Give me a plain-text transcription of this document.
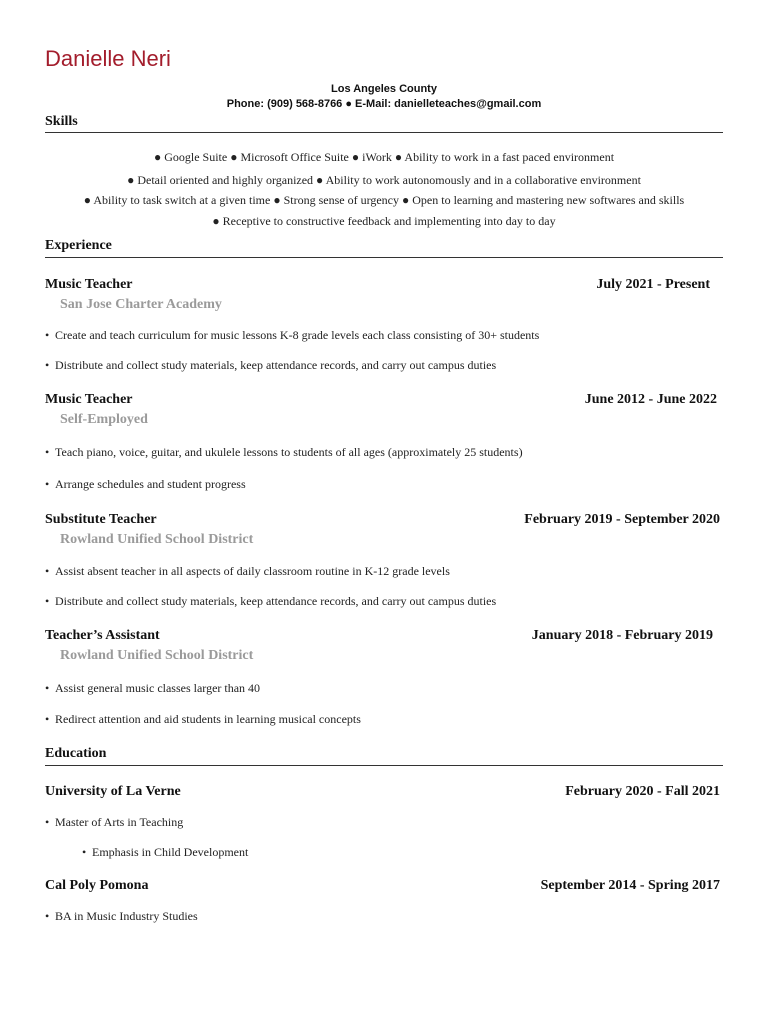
Danielle Neri
Los Angeles County
Phone: (909) 568-8766 ● E-Mail: danielleteaches@gmail.com
Skills
● Google Suite ● Microsoft Office Suite ● iWork ● Ability to work in a fast paced environment
● Detail oriented and highly organized ● Ability to work autonomously and in a collaborative environment
● Ability to task switch at a given time ● Strong sense of urgency ● Open to learning and mastering new softwares and skills
● Receptive to constructive feedback and implementing into day to day
Experience
Music Teacher	July 2021 - Present
San Jose Charter Academy
• Create and teach curriculum for music lessons K-8 grade levels each class consisting of 30+ students
• Distribute and collect study materials, keep attendance records, and carry out campus duties
Music Teacher	June 2012 - June 2022
Self-Employed
• Teach piano, voice, guitar, and ukulele lessons to students of all ages (approximately 25 students)
• Arrange schedules and student progress
Substitute Teacher	February 2019 - September 2020
Rowland Unified School District
• Assist absent teacher in all aspects of daily classroom routine in K-12 grade levels
• Distribute and collect study materials, keep attendance records, and carry out campus duties
Teacher’s Assistant	January 2018 - February 2019
Rowland Unified School District
• Assist general music classes larger than 40
• Redirect attention and aid students in learning musical concepts
Education
University of La Verne	February 2020 - Fall 2021
• Master of Arts in Teaching
• Emphasis in Child Development
Cal Poly Pomona	September 2014 - Spring 2017
• BA in Music Industry Studies
